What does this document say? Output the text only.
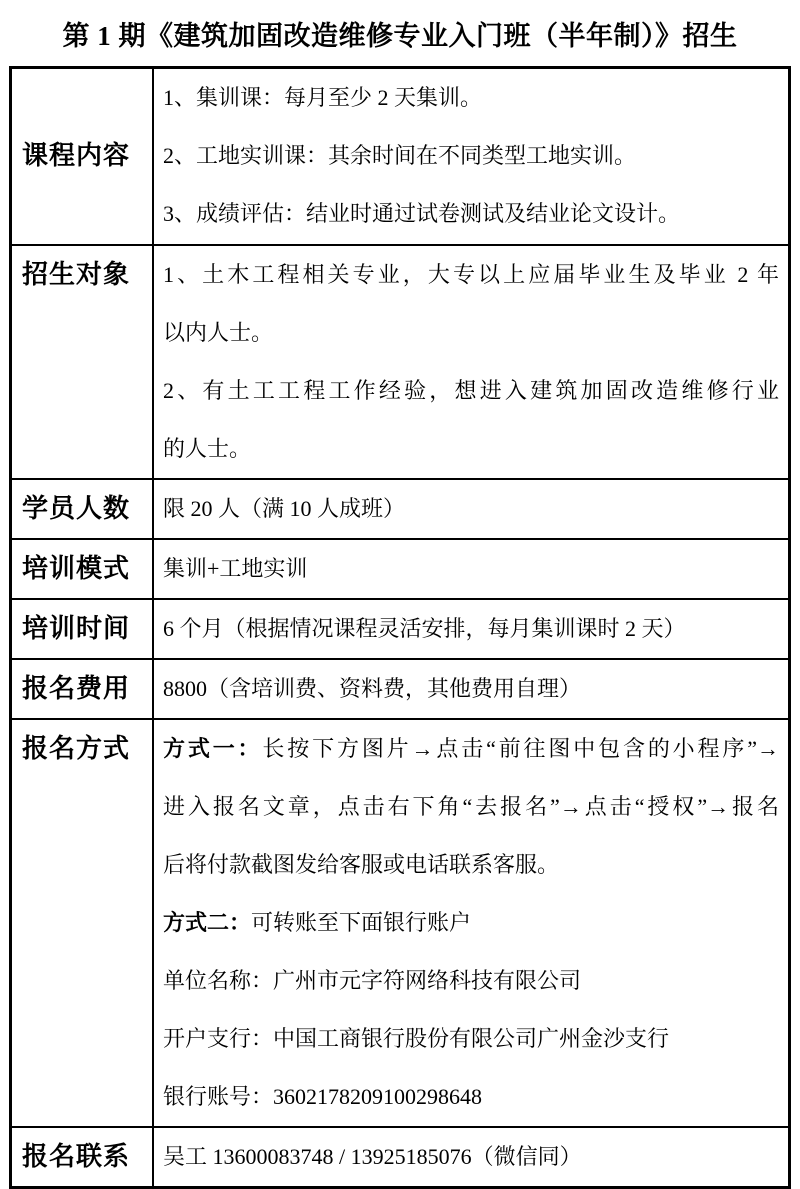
第 1 期《建筑加固改造维修专业入门班（半年制）》招生
课程内容	1、集训课：每月至少 2 天集训。
2、工地实训课：其余时间在不同类型工地实训。
3、成绩评估：结业时通过试卷测试及结业论文设计。

招生对象	1、土木工程相关专业，大专以上应届毕业生及毕业 2 年
以内人士。
2、有土工工程工作经验，想进入建筑加固改造维修行业
的人士。

学员人数	限 20 人（满 10 人成班）

培训模式	集训+工地实训

培训时间	6 个月（根据情况课程灵活安排，每月集训课时 2 天）

报名费用	8800（含培训费、资料费，其他费用自理）

报名方式	方式一：长按下方图片→点击“前往图中包含的小程序”→
进入报名文章，点击右下角“去报名”→点击“授权”→报名
后将付款截图发给客服或电话联系客服。
方式二：可转账至下面银行账户
单位名称：广州市元字符网络科技有限公司
开户支行：中国工商银行股份有限公司广州金沙支行
银行账号：3602178209100298648

报名联系	吴工 13600083748 / 13925185076（微信同）
